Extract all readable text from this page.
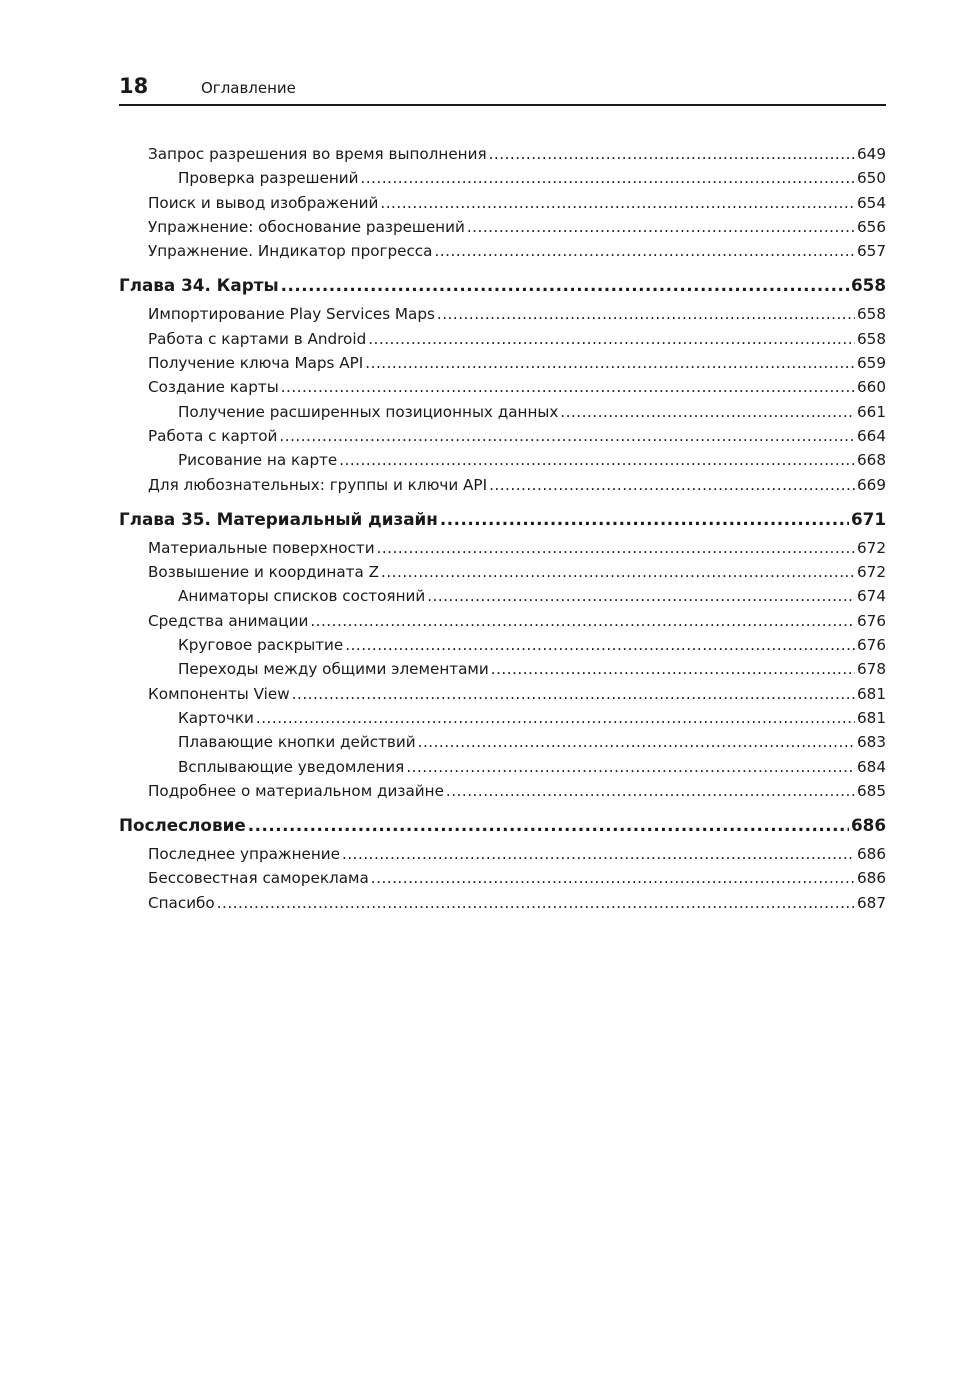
18	Оглавление
Запрос разрешения во время выполнения .....	649
Проверка разрешений .....	650
Поиск и вывод изображений .....	654
Упражнение: обоснование разрешений .....	656
Упражнение. Индикатор прогресса .....	657
Глава 34. Карты .....	658
Импортирование Play Services Maps .....	658
Работа с картами в Android .....	658
Получение ключа Maps API .....	659
Создание карты .....	660
Получение расширенных позиционных данных .....	661
Работа с картой .....	664
Рисование на карте .....	668
Для любознательных: группы и ключи API .....	669
Глава 35. Материальный дизайн .....	671
Материальные поверхности .....	672
Возвышение и координата Z .....	672
Аниматоры списков состояний .....	674
Средства анимации .....	676
Круговое раскрытие .....	676
Переходы между общими элементами .....	678
Компоненты View .....	681
Карточки .....	681
Плавающие кнопки действий .....	683
Всплывающие уведомления .....	684
Подробнее о материальном дизайне .....	685
Послесловие .....	686
Последнее упражнение .....	686
Бессовестная самореклама .....	686
Спасибо .....	687
